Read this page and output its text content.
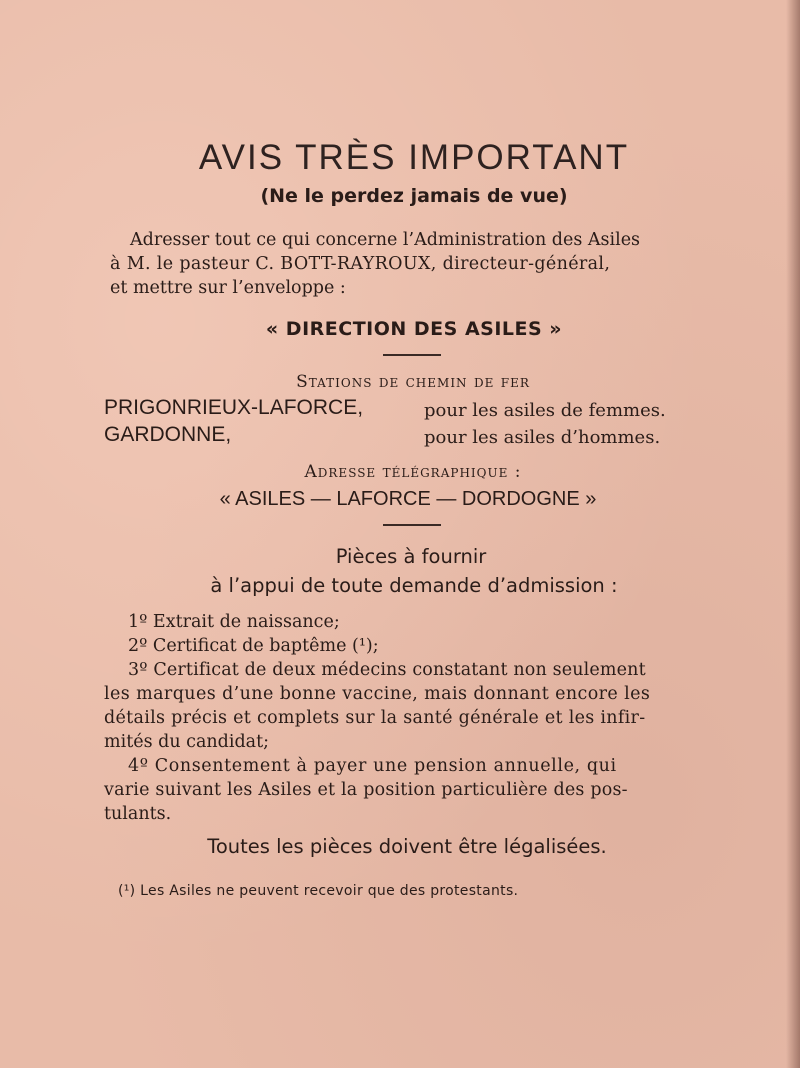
AVIS TRÈS IMPORTANT
(Ne le perdez jamais de vue)
Adresser tout ce qui concerne l’Administration des Asiles
à M. le pasteur C. BOTT-RAYROUX, directeur-général,
et mettre sur l’enveloppe :
« DIRECTION DES ASILES »
Stations de chemin de fer
PRIGONRIEUX-LAFORCE,	pour les asiles de femmes.
GARDONNE,	pour les asiles d’hommes.
Adresse télégraphique :
« ASILES — LAFORCE — DORDOGNE »
Pièces à fournir
à l’appui de toute demande d’admission :
1º Extrait de naissance;
2º Certificat de baptême (¹);
3º Certificat de deux médecins constatant non seulement
les marques d’une bonne vaccine, mais donnant encore les
détails précis et complets sur la santé générale et les infir-
mités du candidat;
4º Consentement à payer une pension annuelle, qui
varie suivant les Asiles et la position particulière des pos-
tulants.
Toutes les pièces doivent être légalisées.
(¹) Les Asiles ne peuvent recevoir que des protestants.
